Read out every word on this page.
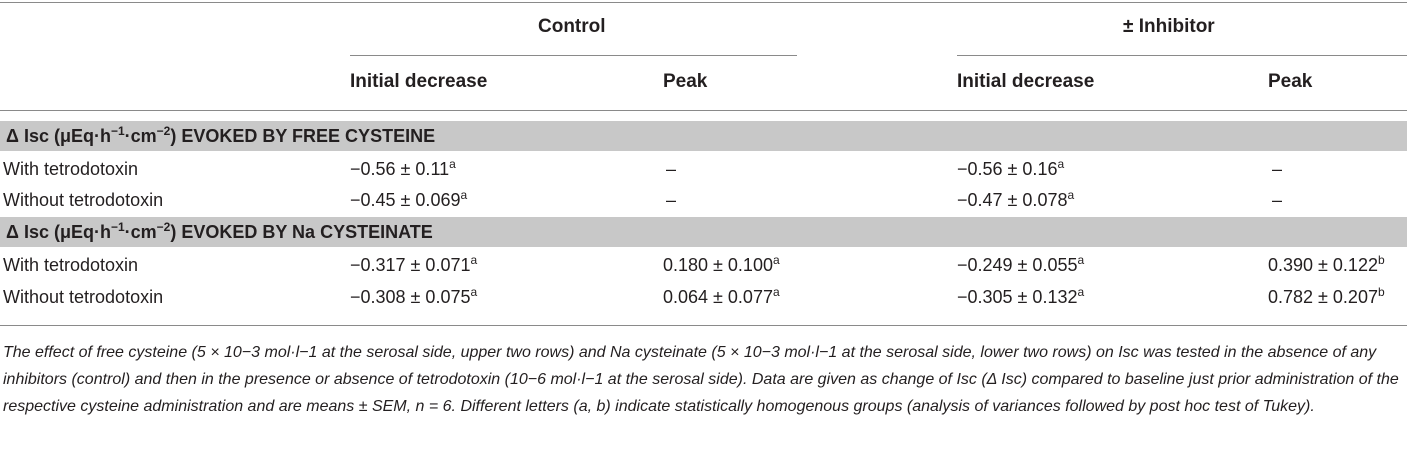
Control	± Inhibitor
Initial decrease	Peak	Initial decrease	Peak
Δ Isc $(\mu Eq\cdot h^{-1}\cdot cm^{-2})$ EVOKED BY FREE CYSTEINE
With tetrodotoxin	−0.56 ± 0.11$^a$	–	−0.56 ± 0.16$^a$	–
Without tetrodotoxin	−0.45 ± 0.069$^a$	–	−0.47 ± 0.078$^a$	–
Δ Isc $(\mu Eq\cdot h^{-1}\cdot cm^{-2})$ EVOKED BY Na CYSTEINATE
With tetrodotoxin	−0.317 ± 0.071$^a$	0.180 ± 0.100$^a$	−0.249 ± 0.055$^a$	0.390 ± 0.122$^b$
Without tetrodotoxin	−0.308 ± 0.075$^a$	0.064 ± 0.077$^a$	−0.305 ± 0.132$^a$	0.782 ± 0.207$^b$
The effect of free cysteine (5 × 10−3 mol·l−1 at the serosal side, upper two rows) and Na cysteinate (5 × 10−3 mol·l−1 at the serosal side, lower two rows) on Isc was tested in the absence of any inhibitors (control) and then in the presence or absence of tetrodotoxin (10−6 mol·l−1 at the serosal side). Data are given as change of Isc (Δ Isc) compared to baseline just prior administration of the respective cysteine administration and are means ± SEM, n = 6. Different letters (a, b) indicate statistically homogenous groups (analysis of variances followed by post hoc test of Tukey).
